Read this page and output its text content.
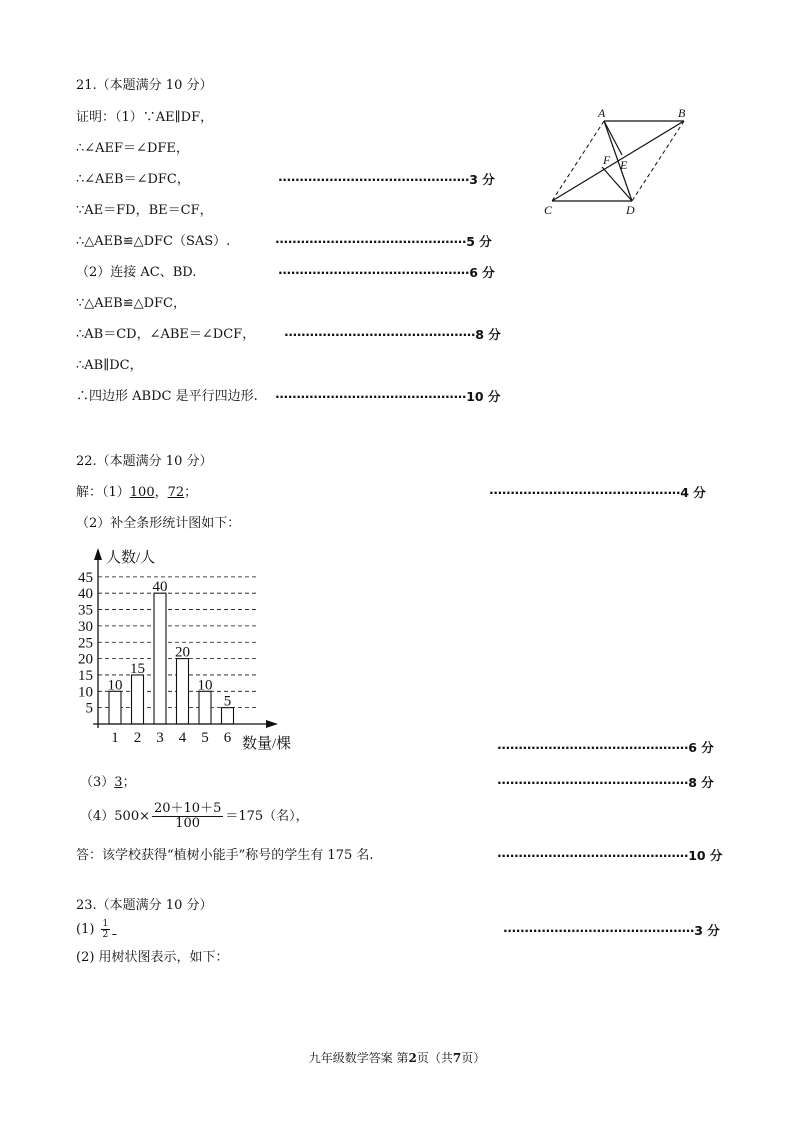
21.（本题满分 10 分）
证明：（1）∵AE∥DF，
∴∠AEF＝∠DFE，
∴∠AEB＝∠DFC，
∵AE＝FD，BE＝CF，
∴△AEB≌△DFC（SAS）.
（2）连接 AC、BD.
∵△AEB≌△DFC，
∴AB＝CD，∠ABE＝∠DCF，
∴AB∥DC，
∴四边形 ABDC 是平行四边形.
·············································3 分
·············································5 分
·············································6 分
·············································8 分
·············································10 分
A	B
F E
C	D
22.（本题满分 10 分）
解：（1）100，72；	·············································4 分
（2）补全条形统计图如下：
5
10
15
20
25
30
35
40
45
10
1
15
2
40
3
20
4
10
5
5
6
人数/人
数量/棵	·············································6 分
（3）3；	·············································8 分
$(4)500\times \frac{20+10+5}{100} =175$（名），
答：该学校获得“植树小能手”称号的学生有 175 名.	·············································10 分
23.（本题满分 10 分）
$(1) \frac{1}{2}$
	·············································3 分
(2) 用树状图表示，如下：
九年级数学答案 第2页（共7页）
